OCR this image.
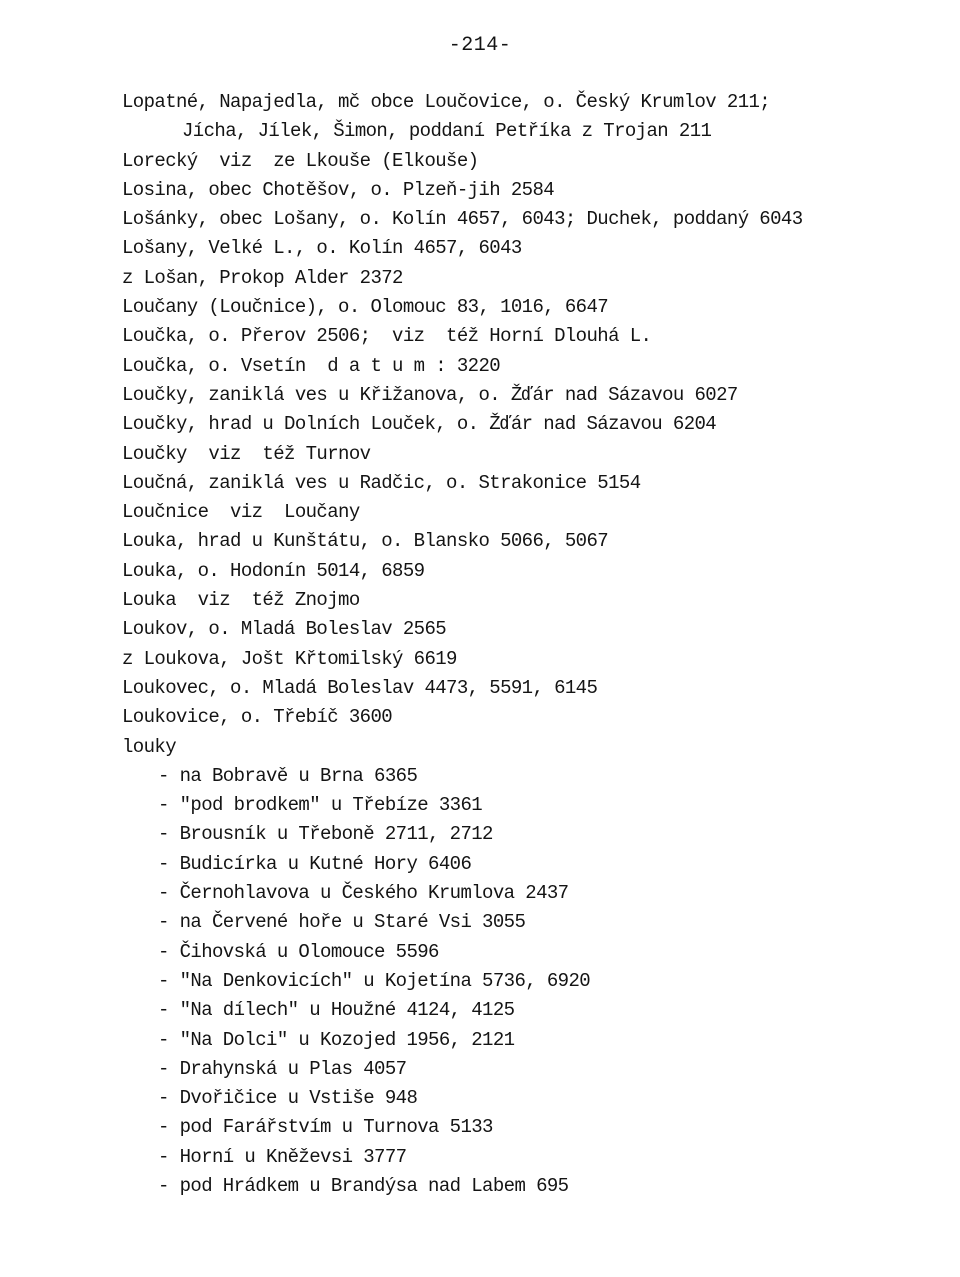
-214-
Lopatné, Napajedla, mč obce Loučovice, o. Český Krumlov 211;
Jícha, Jílek, Šimon, poddaní Petříka z Trojan 211
Lorecký  viz  ze Lkouše (Elkouše)
Losina, obec Chotěšov, o. Plzeň-jih 2584
Lošánky, obec Lošany, o. Kolín 4657, 6043; Duchek, poddaný 6043
Lošany, Velké L., o. Kolín 4657, 6043
z Lošan, Prokop Alder 2372
Loučany (Loučnice), o. Olomouc 83, 1016, 6647
Loučka, o. Přerov 2506;  viz  též Horní Dlouhá L.
Loučka, o. Vsetín  d a t u m : 3220
Loučky, zaniklá ves u Křižanova, o. Žďár nad Sázavou 6027
Loučky, hrad u Dolních Louček, o. Žďár nad Sázavou 6204
Loučky  viz  též Turnov
Loučná, zaniklá ves u Radčic, o. Strakonice 5154
Loučnice  viz  Loučany
Louka, hrad u Kunštátu, o. Blansko 5066, 5067
Louka, o. Hodonín 5014, 6859
Louka  viz  též Znojmo
Loukov, o. Mladá Boleslav 2565
z Loukova, Jošt Křtomilský 6619
Loukovec, o. Mladá Boleslav 4473, 5591, 6145
Loukovice, o. Třebíč 3600
louky
- na Bobravě u Brna 6365
- "pod brodkem" u Třebíze 3361
- Brousník u Třeboně 2711, 2712
- Budicírka u Kutné Hory 6406
- Černohlavova u Českého Krumlova 2437
- na Červené hoře u Staré Vsi 3055
- Čihovská u Olomouce 5596
- "Na Denkovicích" u Kojetína 5736, 6920
- "Na dílech" u Houžné 4124, 4125
- "Na Dolci" u Kozojed 1956, 2121
- Drahynská u Plas 4057
- Dvořičice u Vstiše 948
- pod Farářstvím u Turnova 5133
- Horní u Kněževsi 3777
- pod Hrádkem u Brandýsa nad Labem 695
